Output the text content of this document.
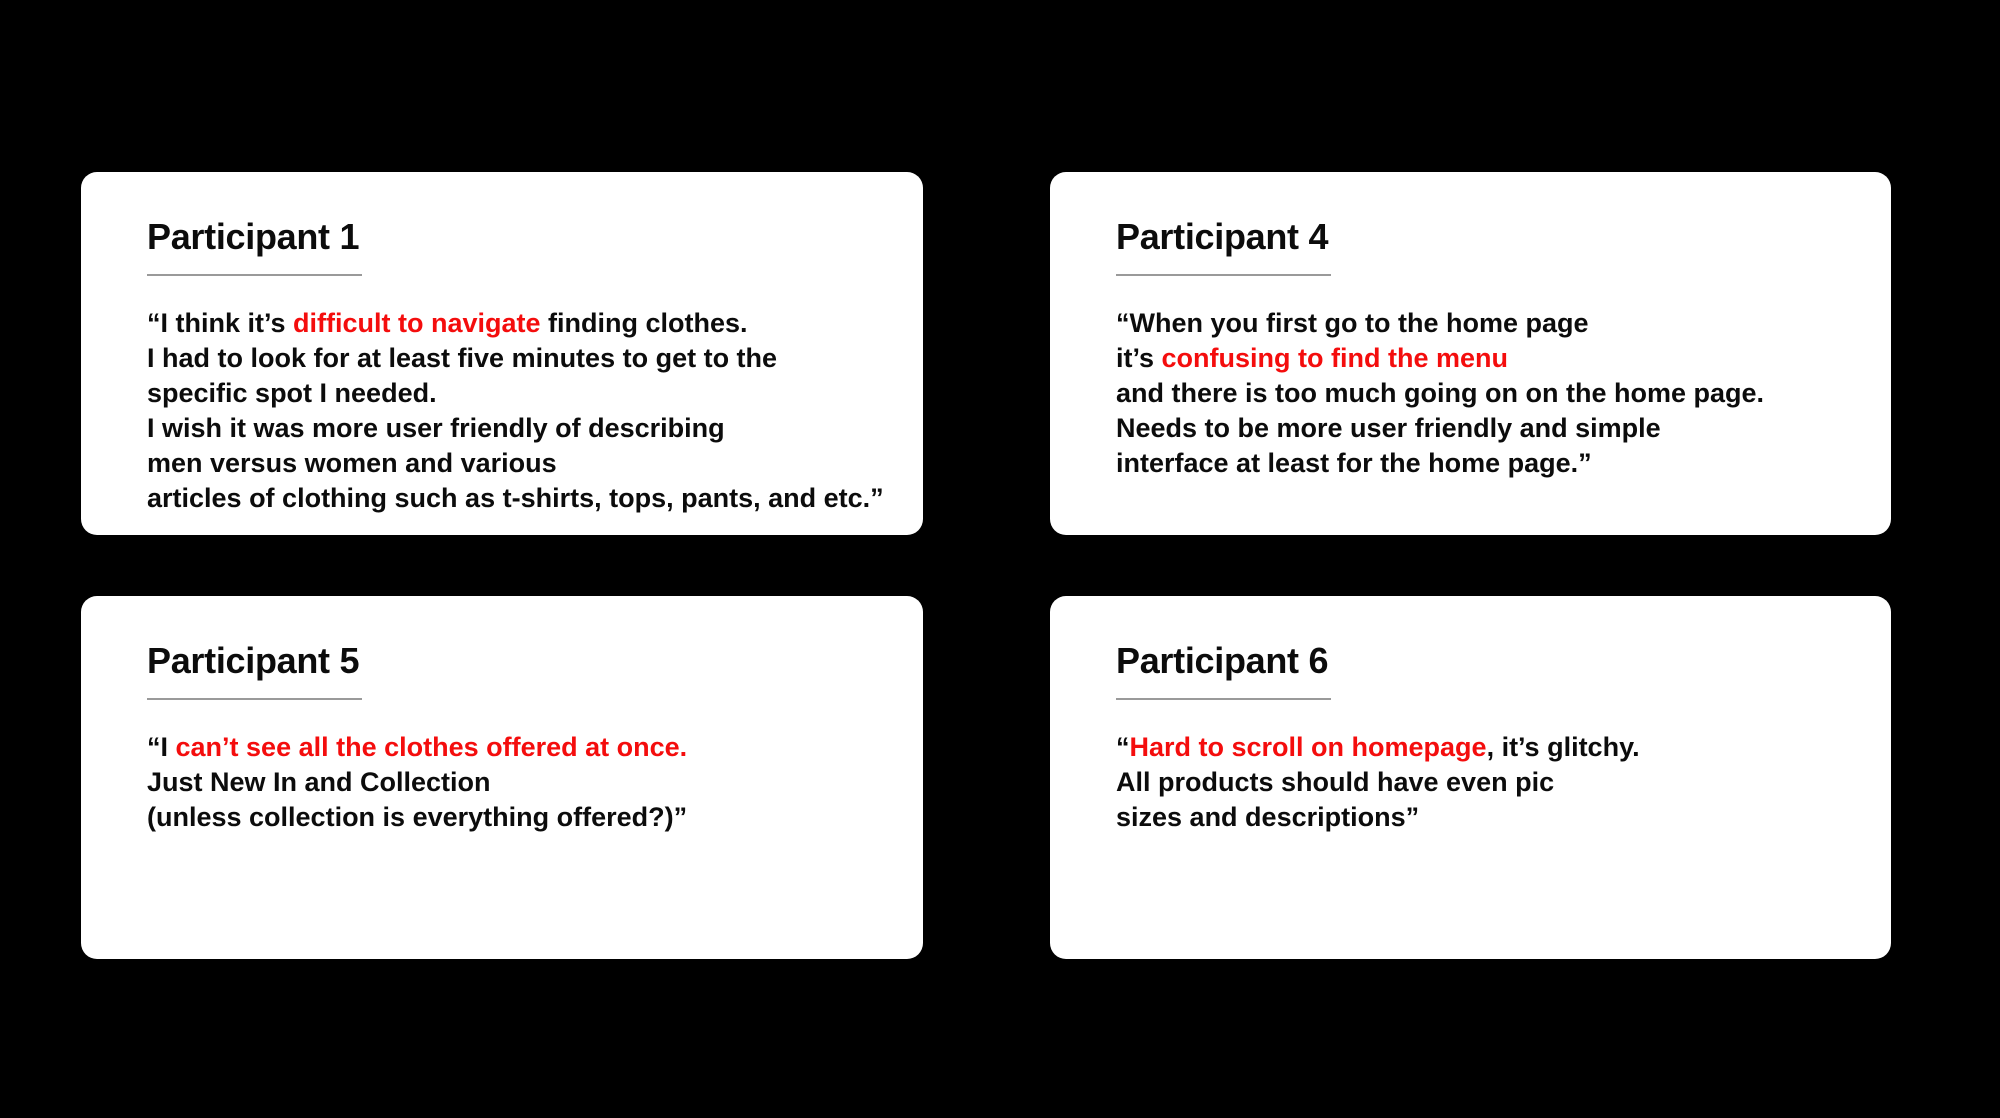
Participant 1
“I think it’s difficult to navigate finding clothes.
I had to look for at least five minutes to get to the
specific spot I needed.
I wish it was more user friendly of describing
men versus women and various
articles of clothing such as t-shirts, tops, pants, and etc.”
Participant 4
“When you first go to the home page
it’s confusing to find the menu
and there is too much going on on the home page.
Needs to be more user friendly and simple
interface at least for the home page.”
Participant 5
“I can’t see all the clothes offered at once.
Just New In and Collection
(unless collection is everything offered?)”
Participant 6
“Hard to scroll on homepage, it’s glitchy.
All products should have even pic
sizes and descriptions”
